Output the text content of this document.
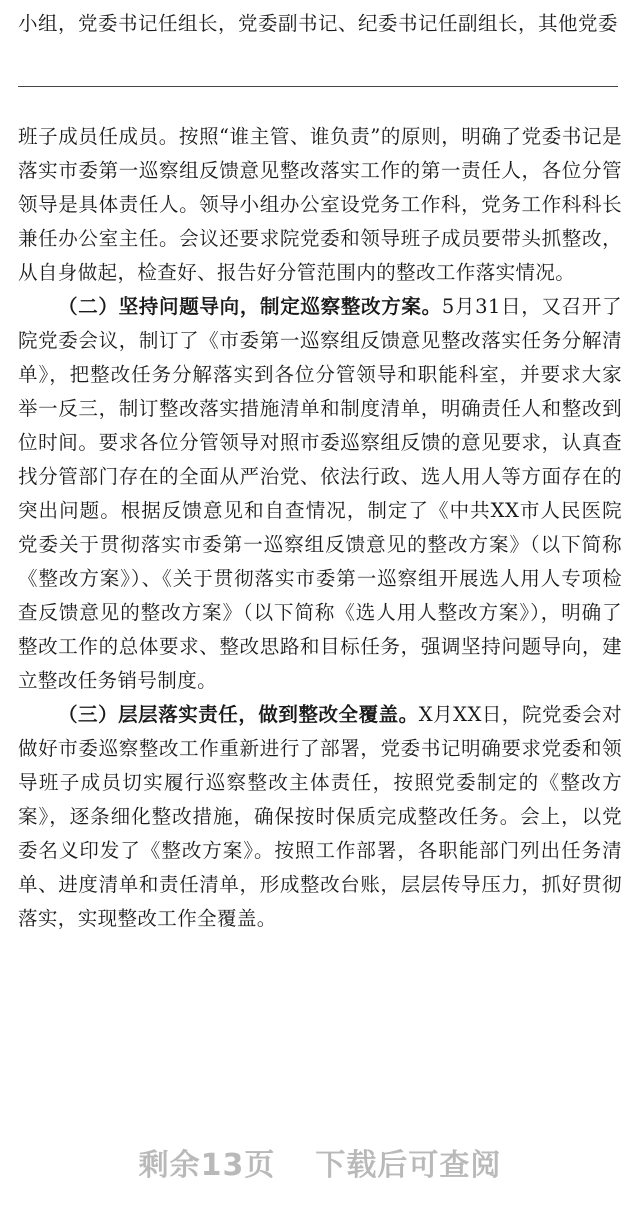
小组，党委书记任组长，党委副书记、纪委书记任副组长，其他党委

班子成员任成员。按照“谁主管、谁负责”的原则，明确了党委书记是落实市委第一巡察组反馈意见整改落实工作的第一责任人，各位分管领导是具体责任人。领导小组办公室设党务工作科，党务工作科科长兼任办公室主任。会议还要求院党委和领导班子成员要带头抓整改，从自身做起，检查好、报告好分管范围内的整改工作落实情况。

（二）坚持问题导向，制定巡察整改方案。5月31日，又召开了院党委会议，制订了《市委第一巡察组反馈意见整改落实任务分解清单》，把整改任务分解落实到各位分管领导和职能科室，并要求大家举一反三，制订整改落实措施清单和制度清单，明确责任人和整改到位时间。要求各位分管领导对照市委巡察组反馈的意见要求，认真查找分管部门存在的全面从严治党、依法行政、选人用人等方面存在的突出问题。根据反馈意见和自查情况，制定了《中共XX市人民医院党委关于贯彻落实市委第一巡察组反馈意见的整改方案》（以下简称《整改方案》）、《关于贯彻落实市委第一巡察组开展选人用人专项检查反馈意见的整改方案》（以下简称《选人用人整改方案》），明确了整改工作的总体要求、整改思路和目标任务，强调坚持问题导向，建立整改任务销号制度。

（三）层层落实责任，做到整改全覆盖。X月XX日，院党委会对做好市委巡察整改工作重新进行了部署，党委书记明确要求党委和领导班子成员切实履行巡察整改主体责任，按照党委制定的《整改方案》，逐条细化整改措施，确保按时保质完成整改任务。会上，以党委名义印发了《整改方案》。按照工作部署，各职能部门列出任务清单、进度清单和责任清单，形成整改台账，层层传导压力，抓好贯彻落实，实现整改工作全覆盖。

剩余13页 下载后可查阅
